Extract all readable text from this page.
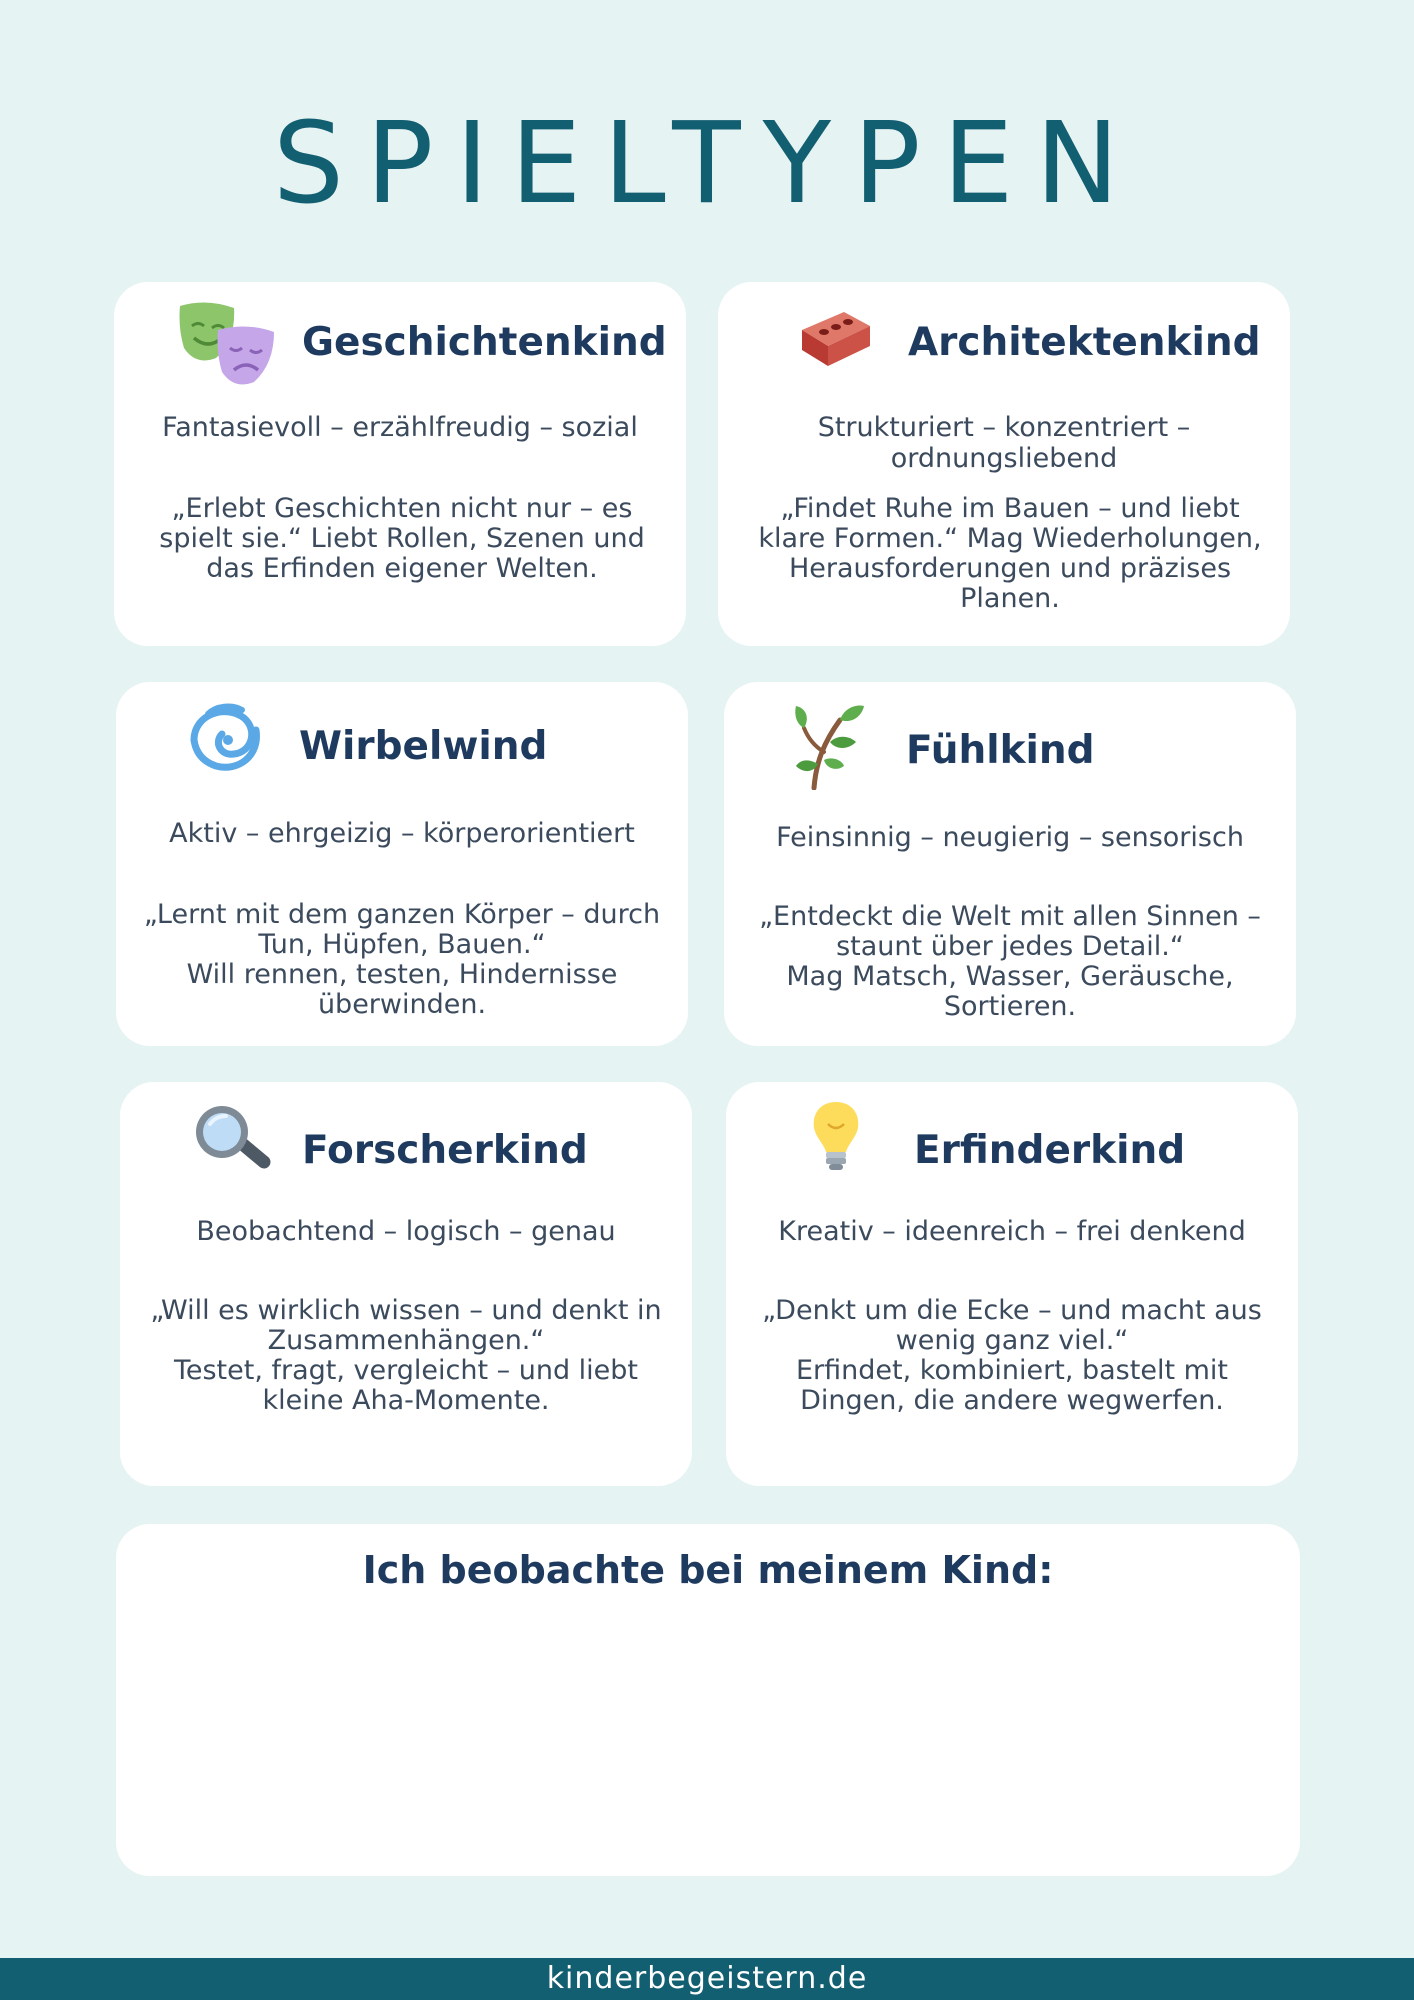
SPIELTYPEN
Geschichtenkind
Fantasievoll – erzählfreudig – sozial
„Erlebt Geschichten nicht nur – es spielt sie.“ Liebt Rollen, Szenen und das Erfinden eigener Welten.
Architektenkind
Strukturiert – konzentriert – ordnungsliebend
„Findet Ruhe im Bauen – und liebt klare Formen.“ Mag Wiederholungen, Herausforderungen und präzises Planen.
Wirbelwind
Aktiv – ehrgeizig – körperorientiert
„Lernt mit dem ganzen Körper – durch Tun, Hüpfen, Bauen.“
Will rennen, testen, Hindernisse überwinden.
Fühlkind
Feinsinnig – neugierig – sensorisch
„Entdeckt die Welt mit allen Sinnen – staunt über jedes Detail.“
Mag Matsch, Wasser, Geräusche, Sortieren.
Forscherkind
Beobachtend – logisch – genau
„Will es wirklich wissen – und denkt in Zusammenhängen.“
Testet, fragt, vergleicht – und liebt kleine Aha-Momente.
Erfinderkind
Kreativ – ideenreich – frei denkend
„Denkt um die Ecke – und macht aus wenig ganz viel.“
Erfindet, kombiniert, bastelt mit Dingen, die andere wegwerfen.
Ich beobachte bei meinem Kind:
kinderbegeistern.de
